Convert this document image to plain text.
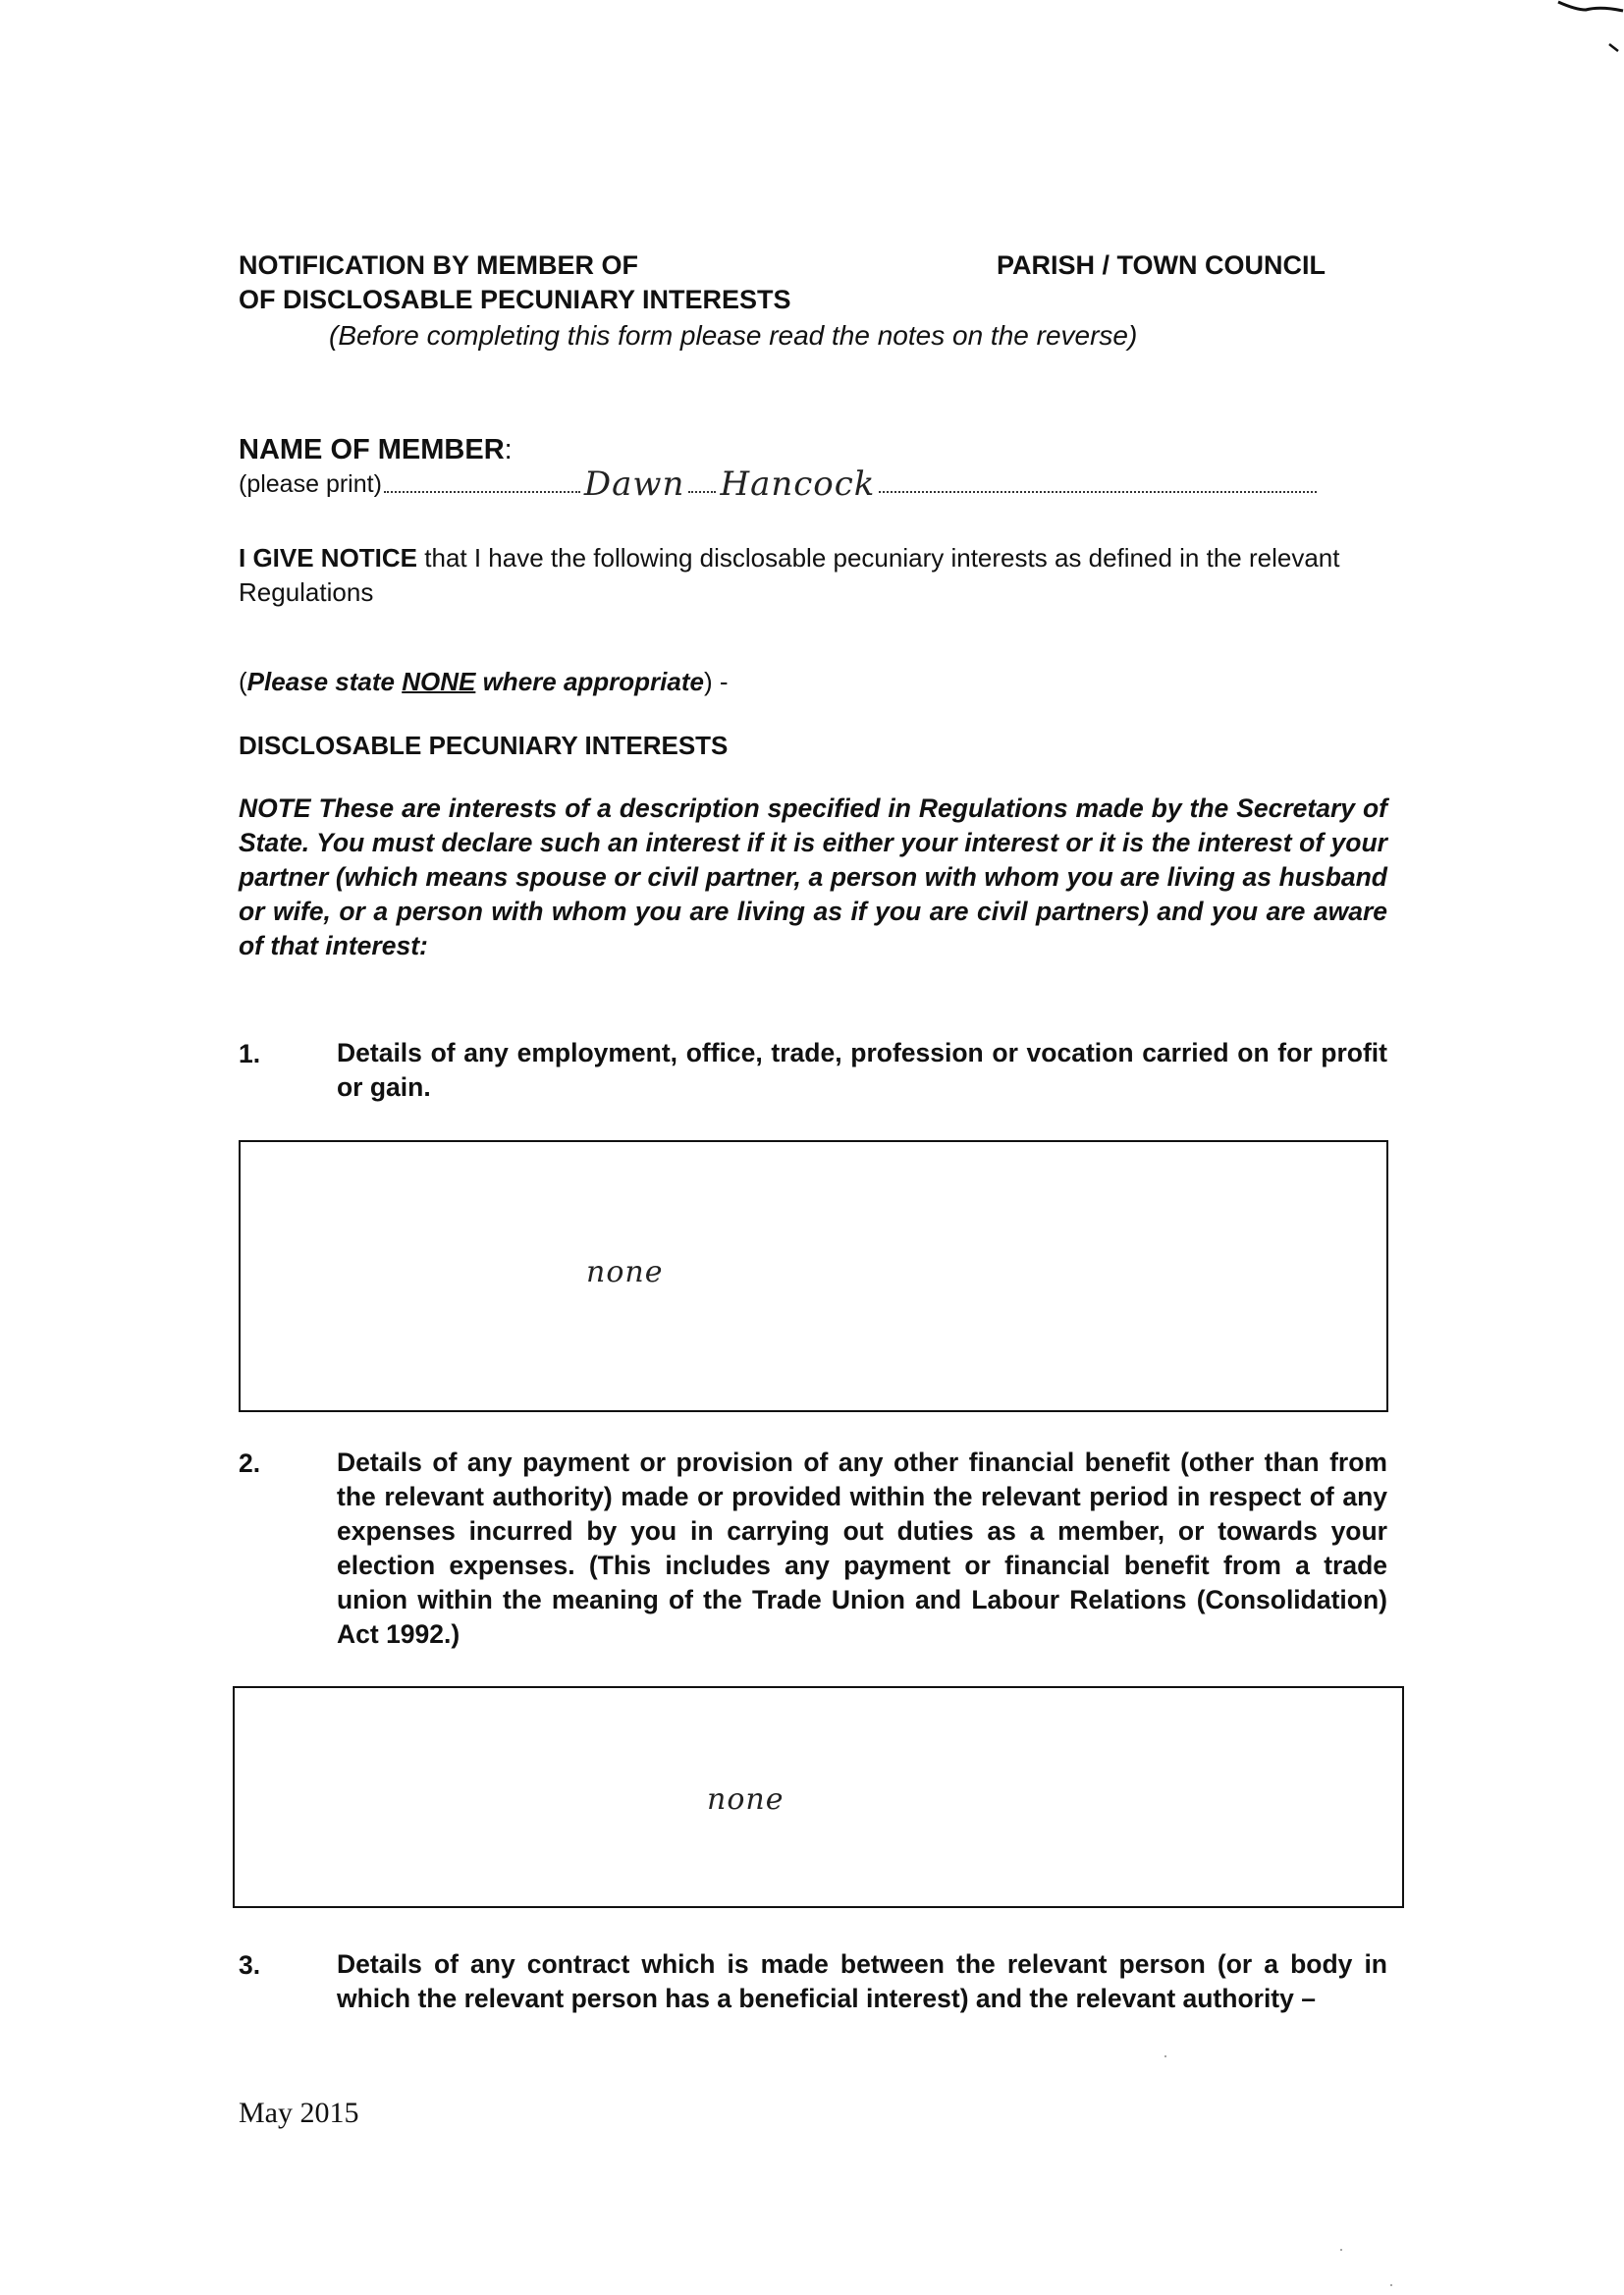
NOTIFICATION BY MEMBER OF	PARISH / TOWN COUNCIL
OF DISCLOSABLE PECUNIARY INTERESTS
(Before completing this form please read the notes on the reverse)
NAME OF MEMBER:
(please print)	Dawn Hancock
I GIVE NOTICE that I have the following disclosable pecuniary interests as defined in the relevant Regulations
(Please state NONE where appropriate) -
DISCLOSABLE PECUNIARY INTERESTS
NOTE These are interests of a description specified in Regulations made by the Secretary of State. You must declare such an interest if it is either your interest or it is the interest of your partner (which means spouse or civil partner, a person with whom you are living as husband or wife, or a person with whom you are living as if you are civil partners) and you are aware of that interest:
1.	Details of any employment, office, trade, profession or vocation carried on for profit or gain.
none
2.	Details of any payment or provision of any other financial benefit (other than from the relevant authority) made or provided within the relevant period in respect of any expenses incurred by you in carrying out duties as a member, or towards your election expenses. (This includes any payment or financial benefit from a trade union within the meaning of the Trade Union and Labour Relations (Consolidation) Act 1992.)
none
3.	Details of any contract which is made between the relevant person (or a body in which the relevant person has a beneficial interest) and the relevant authority –
May 2015
